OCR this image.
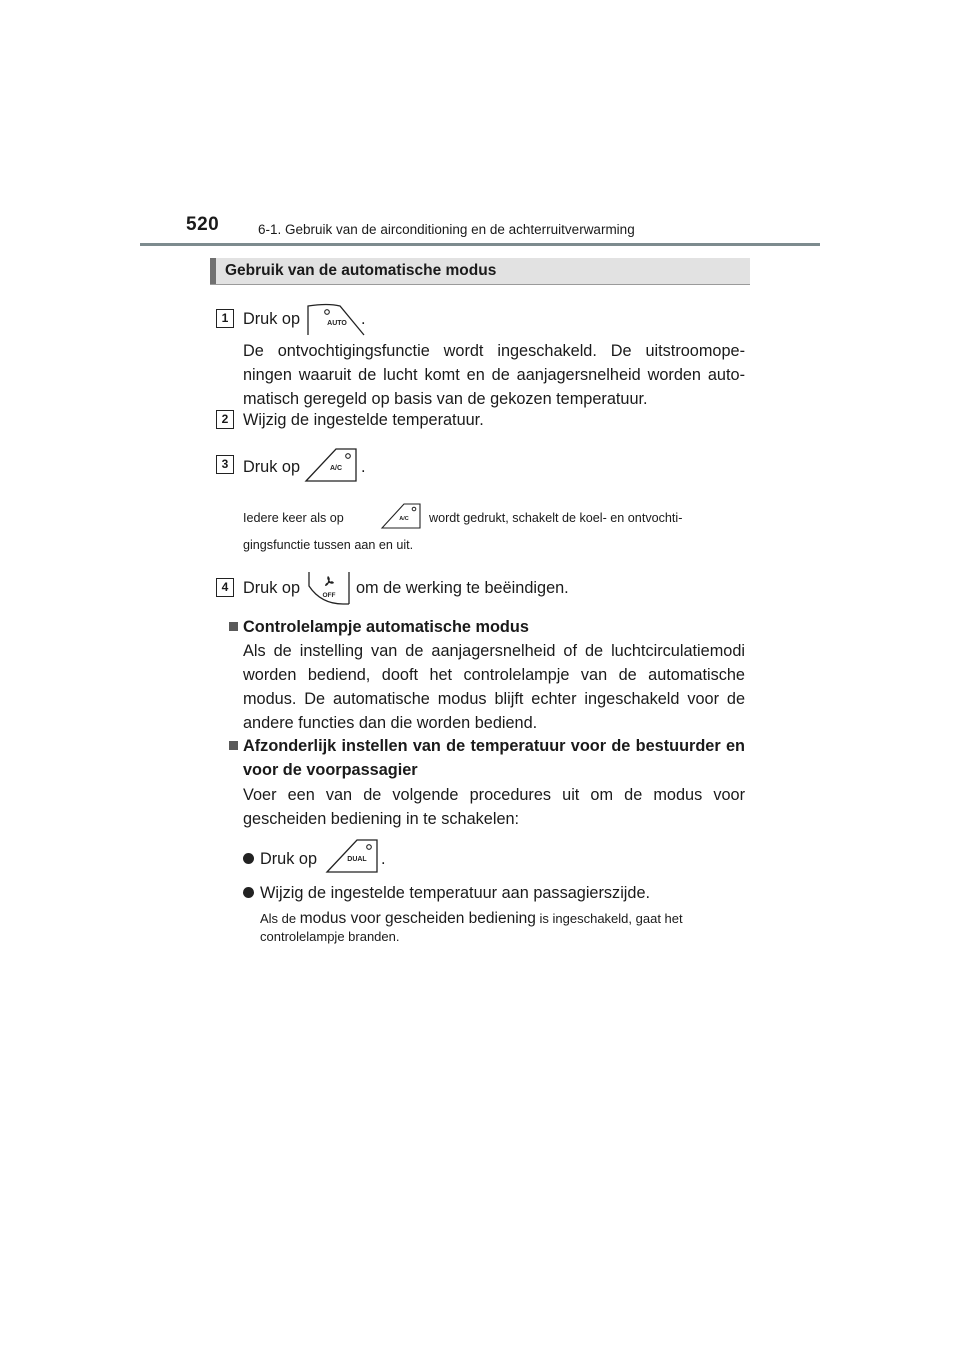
520	6-1. Gebruik van de airconditioning en de achterruitverwarming
Gebruik van de automatische modus
1 Druk op	AUTO .
De ontvochtigingsfunctie wordt ingeschakeld. De uitstroomope-ningen waaruit de lucht komt en de aanjagersnelheid worden auto-matisch geregeld op basis van de gekozen temperatuur.
2 Wijzig de ingestelde temperatuur.
3 Druk op	A/C .
Iedere keer als op	A/C wordt gedrukt, schakelt de koel- en ontvochti-
gingsfunctie tussen aan en uit.
4 Druk op	OFF om de werking te beëindigen.
Controlelampje automatische modus
Als de instelling van de aanjagersnelheid of de luchtcirculatiemodi worden bediend, dooft het controlelampje van de automatische modus. De automatische modus blijft echter ingeschakeld voor de andere functies dan die worden bediend.
Afzonderlijk instellen van de temperatuur voor de bestuurder en voor de voorpassagier
Voer een van de volgende procedures uit om de modus voor gescheiden bediening in te schakelen:
Druk op	DUAL .
Wijzig de ingestelde temperatuur aan passagierszijde.
Als de modus voor gescheiden bediening is ingeschakeld, gaat het
controlelampje branden.
